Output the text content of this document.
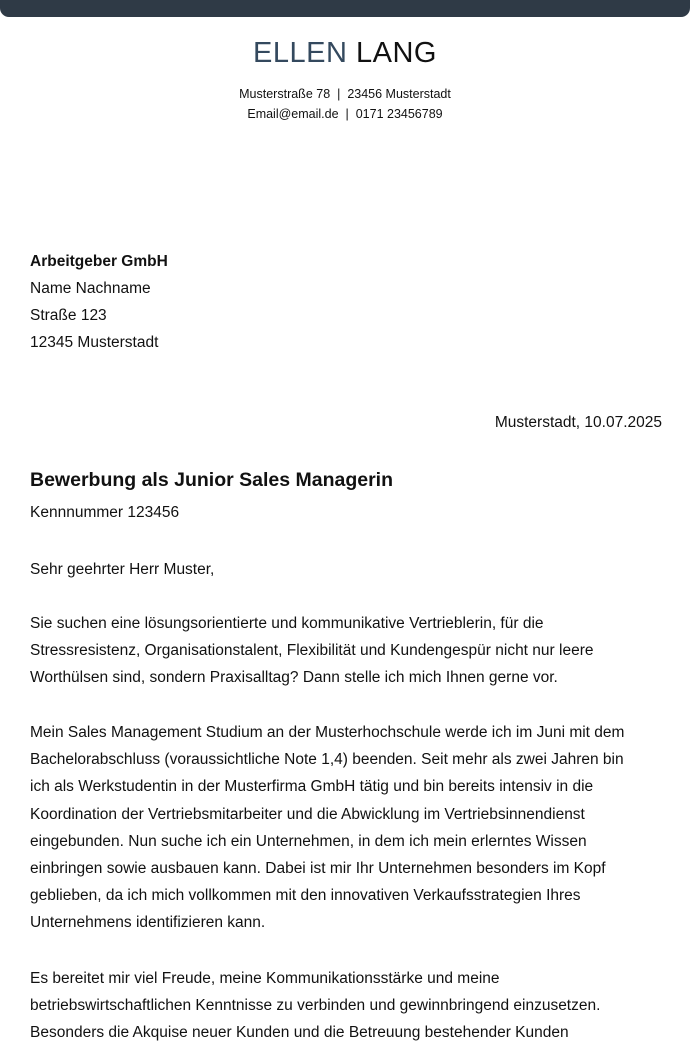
ELLEN LANG
Musterstraße 78 | 23456 Musterstadt
Email@email.de | 0171 23456789
Arbeitgeber GmbH
Name Nachname
Straße 123
12345 Musterstadt
Musterstadt, 10.07.2025
Bewerbung als Junior Sales Managerin
Kennnummer 123456
Sehr geehrter Herr Muster,
Sie suchen eine lösungsorientierte und kommunikative Vertrieblerin, für die
Stressresistenz, Organisationstalent, Flexibilität und Kundengespür nicht nur leere
Worthülsen sind, sondern Praxisalltag? Dann stelle ich mich Ihnen gerne vor.
Mein Sales Management Studium an der Musterhochschule werde ich im Juni mit dem
Bachelorabschluss (voraussichtliche Note 1,4) beenden. Seit mehr als zwei Jahren bin
ich als Werkstudentin in der Musterfirma GmbH tätig und bin bereits intensiv in die
Koordination der Vertriebsmitarbeiter und die Abwicklung im Vertriebsinnendienst
eingebunden. Nun suche ich ein Unternehmen, in dem ich mein erlerntes Wissen
einbringen sowie ausbauen kann. Dabei ist mir Ihr Unternehmen besonders im Kopf
geblieben, da ich mich vollkommen mit den innovativen Verkaufsstrategien Ihres
Unternehmens identifizieren kann.
Es bereitet mir viel Freude, meine Kommunikationsstärke und meine
betriebswirtschaftlichen Kenntnisse zu verbinden und gewinnbringend einzusetzen.
Besonders die Akquise neuer Kunden und die Betreuung bestehender Kunden
